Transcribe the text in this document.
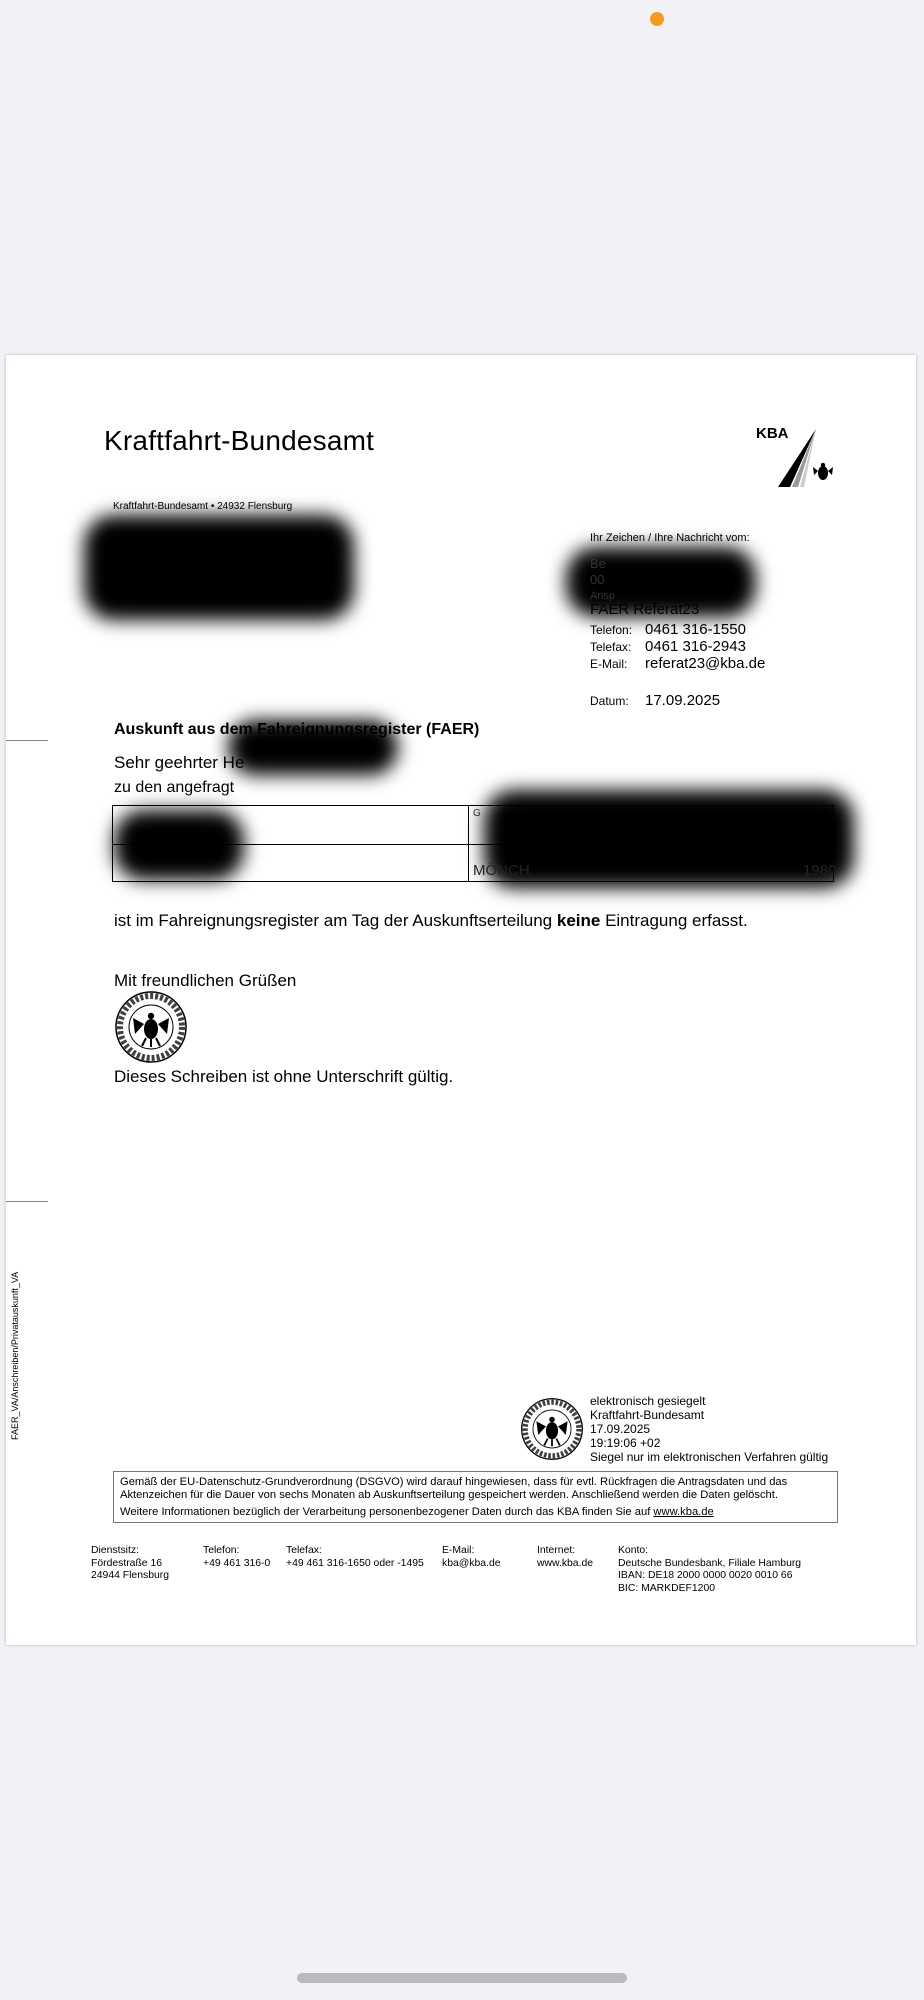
Kraftfahrt-Bundesamt	KBA
Kraftfahrt-Bundesamt • 24932 Flensburg
Ihr Zeichen / Ihre Nachricht vom:
Be
00
Ansp
FAER Referat23
Telefon: 0461 316-1550
Telefax: 0461 316-2943
E-Mail:	referat23@kba.de
Datum:	17.09.2025
Auskunft aus dem Fahreignungsregister (FAER)
Sehr geehrter He
zu den angefragt
G
MÖNCH	1980
ist im Fahreignungsregister am Tag der Auskunftserteilung keine Eintragung erfasst.
Mit freundlichen Grüßen
Dieses Schreiben ist ohne Unterschrift gültig.
FAER_VA/Anschreiben/Privatauskunft_VA	elektronisch gesiegelt
Kraftfahrt-Bundesamt
17.09.2025
19:19:06 +02
Siegel nur im elektronischen Verfahren gültig
Gemäß der EU-Datenschutz-Grundverordnung (DSGVO) wird darauf hingewiesen, dass für evtl. Rückfragen die Antragsdaten und das Aktenzeichen für die Dauer von sechs Monaten ab Auskunftserteilung gespeichert werden. Anschließend werden die Daten gelöscht.
Weitere Informationen bezüglich der Verarbeitung personenbezogener Daten durch das KBA finden Sie auf www.kba.de
Dienstsitz:
Fördestraße 16
24944 Flensburg
Telefon:
+49 461 316-0
Telefax:
+49 461 316-1650 oder -1495
E-Mail:
kba@kba.de
Internet:
www.kba.de
Konto:
Deutsche Bundesbank, Filiale Hamburg
IBAN: DE18 2000 0000 0020 0010 66
BIC: MARKDEF1200
